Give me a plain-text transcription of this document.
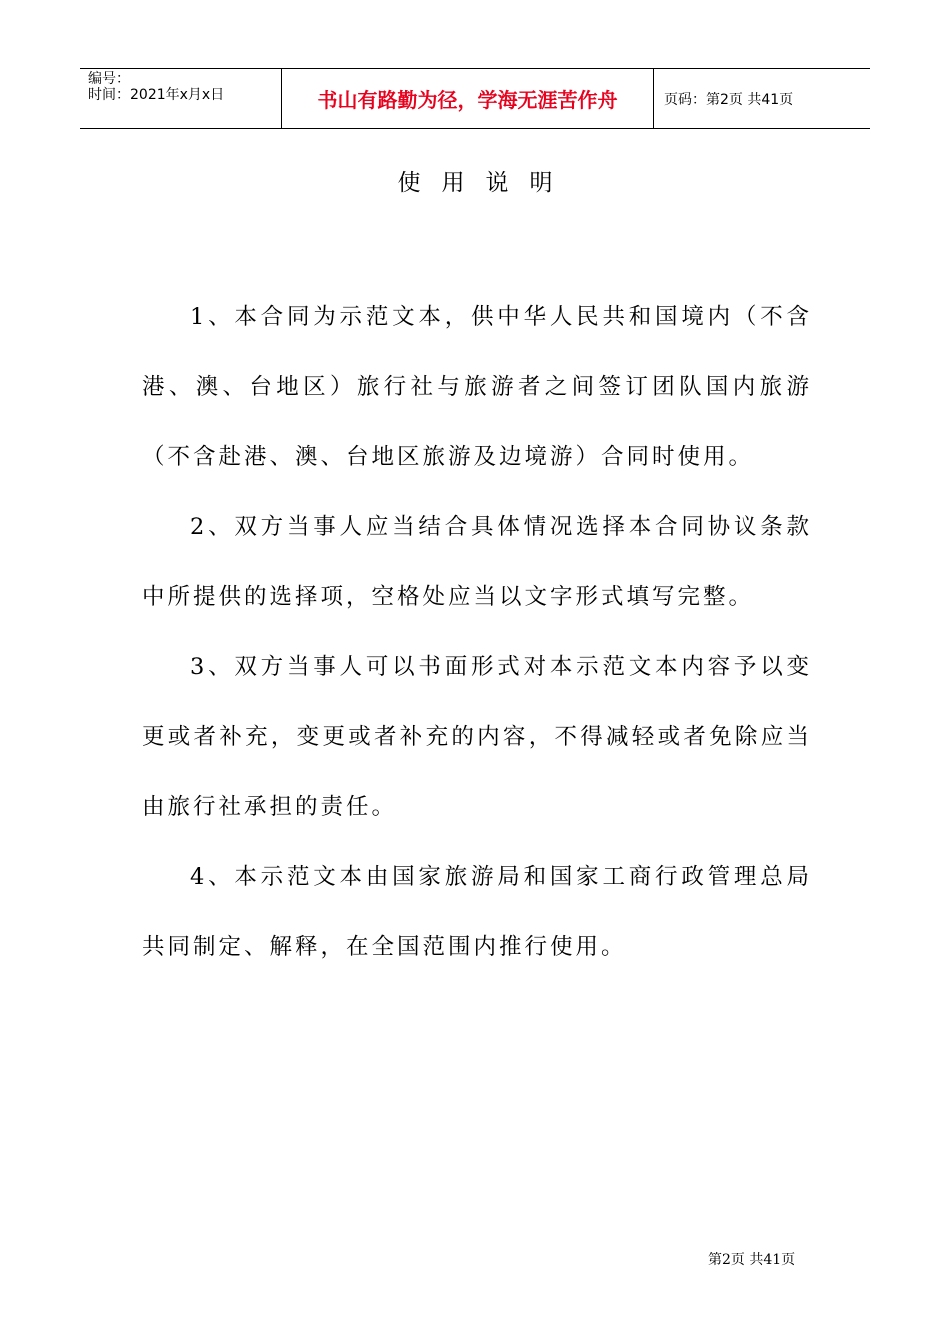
编号：
时间：2021年x月x日	书山有路勤为径，学海无涯苦作舟	页码：第2页 共41页
使用说明

1、本合同为示范文本，供中华人民共和国境内（不含港、澳、台地区）旅行社与旅游者之间签订团队国内旅游（不含赴港、澳、台地区旅游及边境游）合同时使用。

2、双方当事人应当结合具体情况选择本合同协议条款中所提供的选择项，空格处应当以文字形式填写完整。

3、双方当事人可以书面形式对本示范文本内容予以变更或者补充，变更或者补充的内容，不得减轻或者免除应当由旅行社承担的责任。

4、本示范文本由国家旅游局和国家工商行政管理总局共同制定、解释，在全国范围内推行使用。

第2页 共41页
